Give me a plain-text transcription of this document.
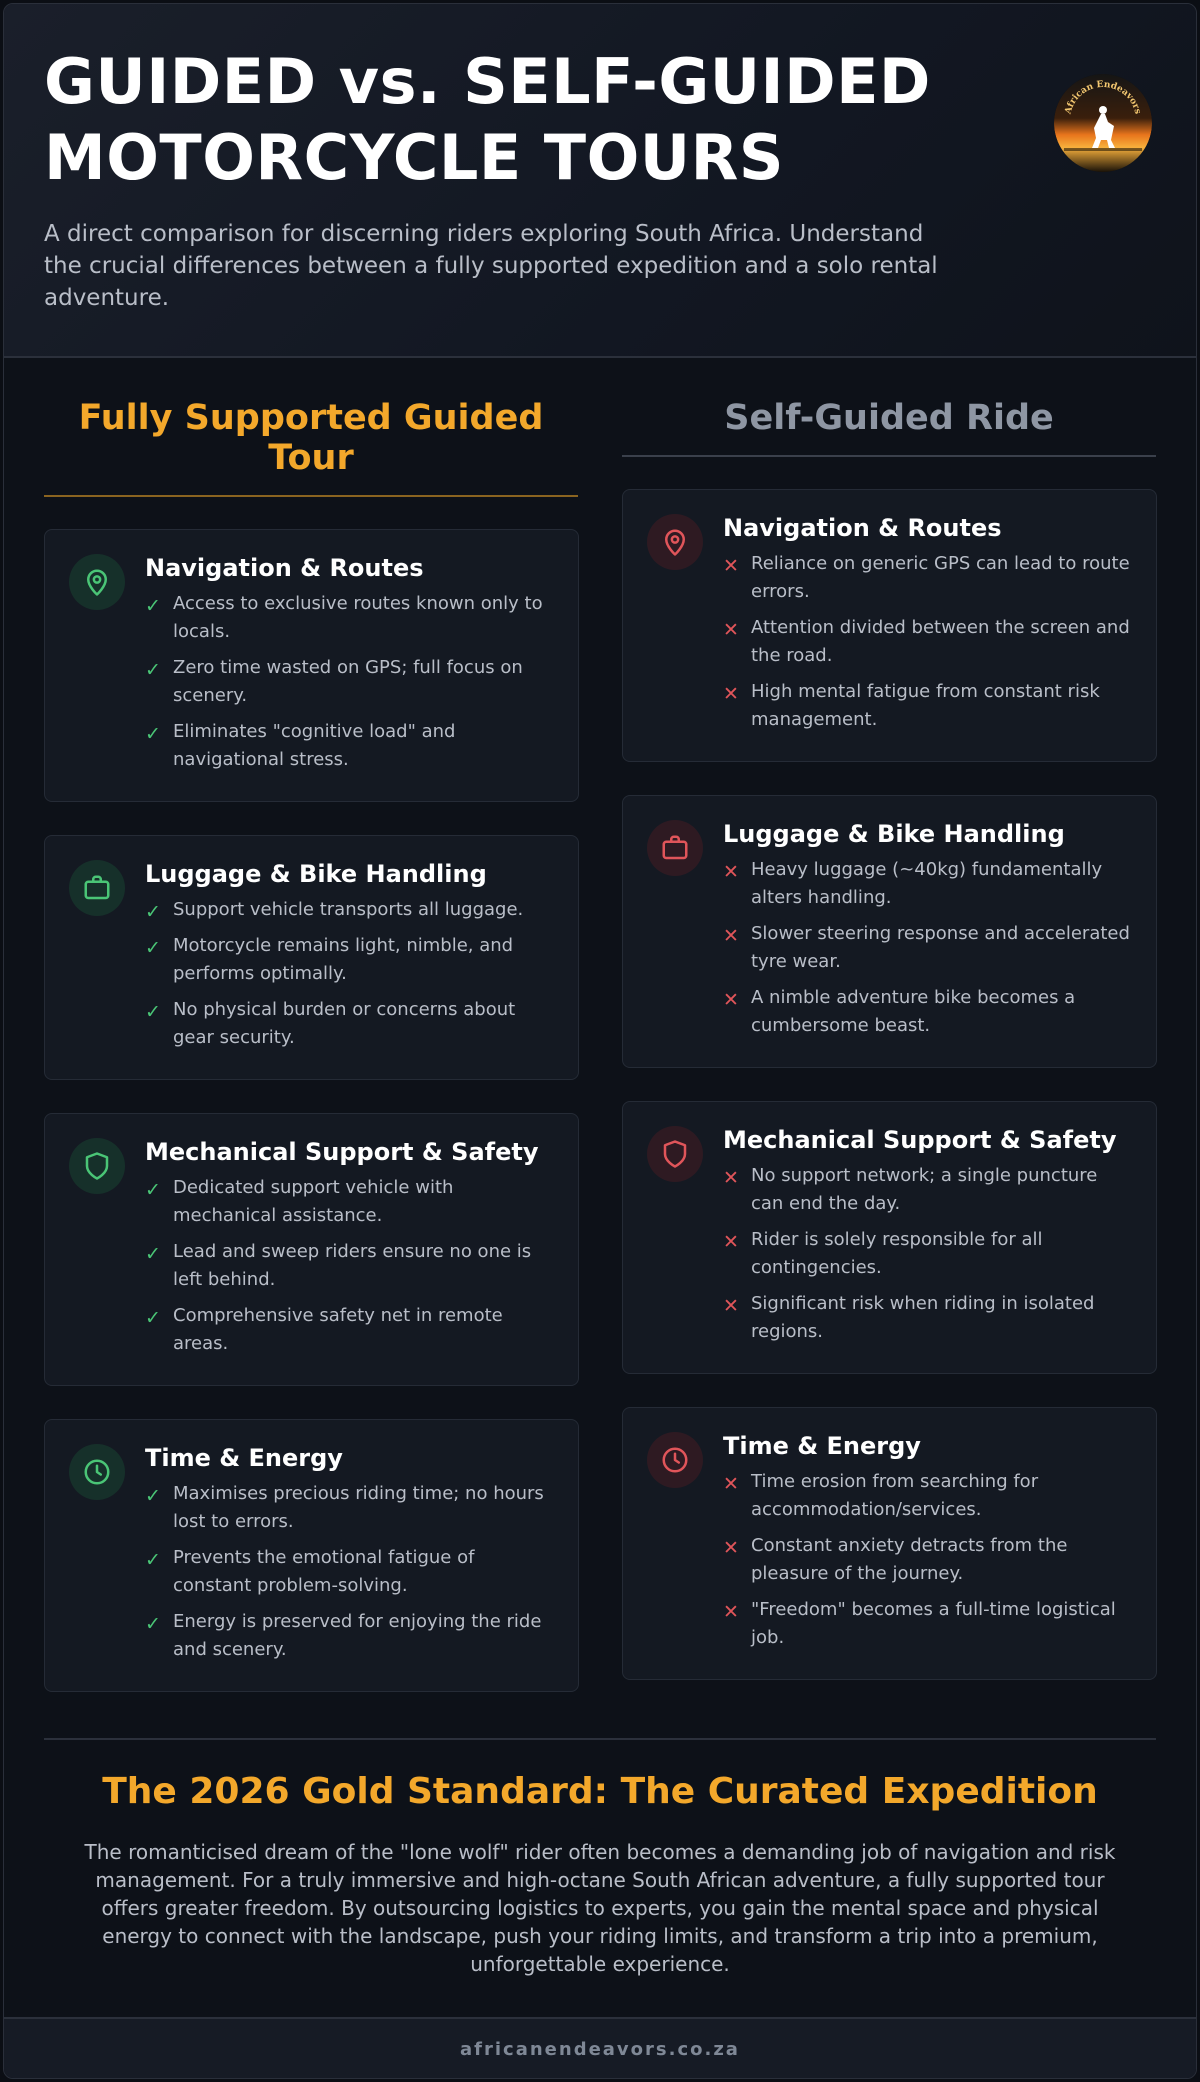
GUIDED vs. SELF-GUIDED
MOTORCYCLE TOURS

A direct comparison for discerning riders exploring South Africa. Understand the crucial differences between a fully supported expedition and a solo rental adventure.

African Endeavors
Fully Supported Guided Tour
Self-Guided Ride
Navigation & Routes
✓ Access to exclusive routes known only to locals.
✓ Zero time wasted on GPS; full focus on scenery.
✓ Eliminates "cognitive load" and navigational stress.
Luggage & Bike Handling
✓ Support vehicle transports all luggage.
✓ Motorcycle remains light, nimble, and performs optimally.
✓ No physical burden or concerns about gear security.
Mechanical Support & Safety
✓ Dedicated support vehicle with mechanical assistance.
✓ Lead and sweep riders ensure no one is left behind.
✓ Comprehensive safety net in remote areas.
Time & Energy
✓ Maximises precious riding time; no hours lost to errors.
✓ Prevents the emotional fatigue of constant problem-solving.
✓ Energy is preserved for enjoying the ride and scenery.
Navigation & Routes
✕ Reliance on generic GPS can lead to route errors.
✕ Attention divided between the screen and the road.
✕ High mental fatigue from constant risk management.
Luggage & Bike Handling
✕ Heavy luggage (~40kg) fundamentally alters handling.
✕ Slower steering response and accelerated tyre wear.
✕ A nimble adventure bike becomes a cumbersome beast.
Mechanical Support & Safety
✕ No support network; a single puncture can end the day.
✕ Rider is solely responsible for all contingencies.
✕ Significant risk when riding in isolated regions.
Time & Energy
✕ Time erosion from searching for accommodation/services.
✕ Constant anxiety detracts from the pleasure of the journey.
✕ "Freedom" becomes a full-time logistical job.
The 2026 Gold Standard: The Curated Expedition

The romanticised dream of the "lone wolf" rider often becomes a demanding job of navigation and risk management. For a truly immersive and high-octane South African adventure, a fully supported tour offers greater freedom. By outsourcing logistics to experts, you gain the mental space and physical energy to connect with the landscape, push your riding limits, and transform a trip into a premium, unforgettable experience.

africanendeavors.co.za
